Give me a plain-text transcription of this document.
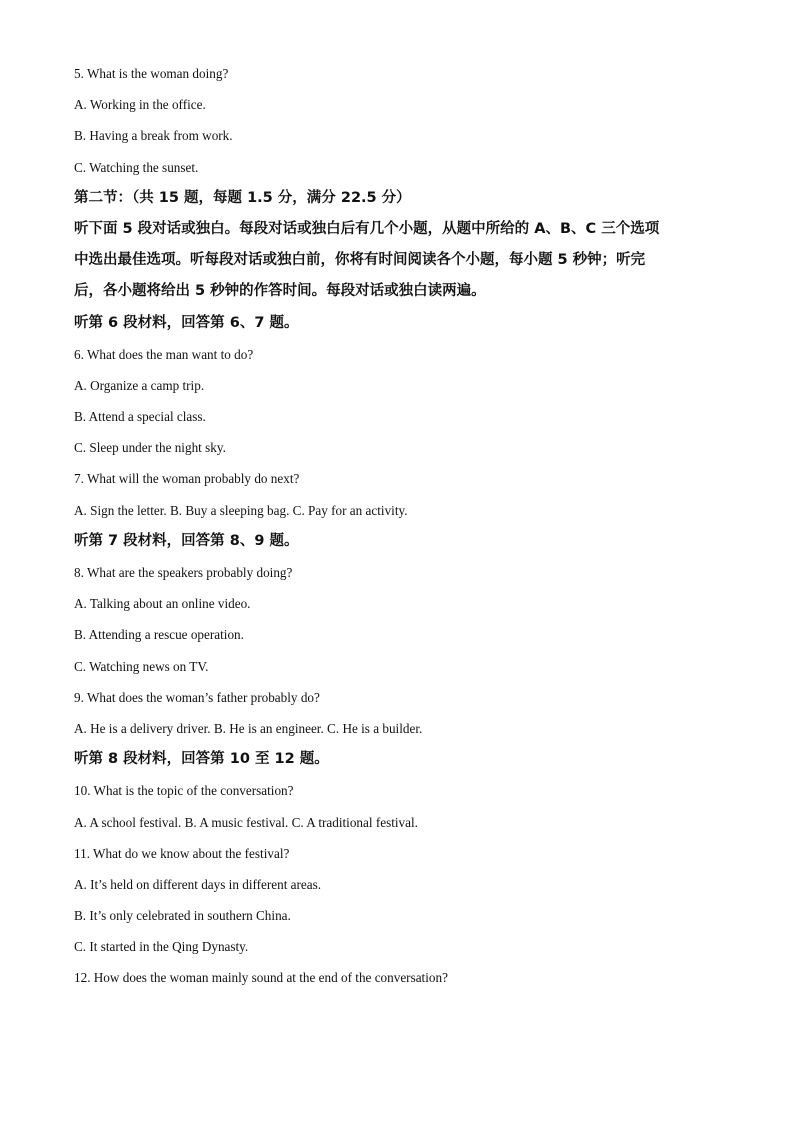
5. What is the woman doing?
A. Working in the office.
B. Having a break from work.
C. Watching the sunset.
第二节：（共 15 题，每题 1.5 分，满分 22.5 分）
听下面 5 段对话或独白。每段对话或独白后有几个小题，从题中所给的 A、B、C 三个选项
中选出最佳选项。听每段对话或独白前，你将有时间阅读各个小题，每小题 5 秒钟；听完
后，各小题将给出 5 秒钟的作答时间。每段对话或独白读两遍。
听第 6 段材料，回答第 6、7 题。
6. What does the man want to do?
A. Organize a camp trip.
B. Attend a special class.
C. Sleep under the night sky.
7. What will the woman probably do next?
A. Sign the letter. B. Buy a sleeping bag. C. Pay for an activity.
听第 7 段材料，回答第 8、9 题。
8. What are the speakers probably doing?
A. Talking about an online video.
B. Attending a rescue operation.
C. Watching news on TV.
9. What does the woman’s father probably do?
A. He is a delivery driver. B. He is an engineer. C. He is a builder.
听第 8 段材料，回答第 10 至 12 题。
10. What is the topic of the conversation?
A. A school festival. B. A music festival. C. A traditional festival.
11. What do we know about the festival?
A. It’s held on different days in different areas.
B. It’s only celebrated in southern China.
C. It started in the Qing Dynasty.
12. How does the woman mainly sound at the end of the conversation?
